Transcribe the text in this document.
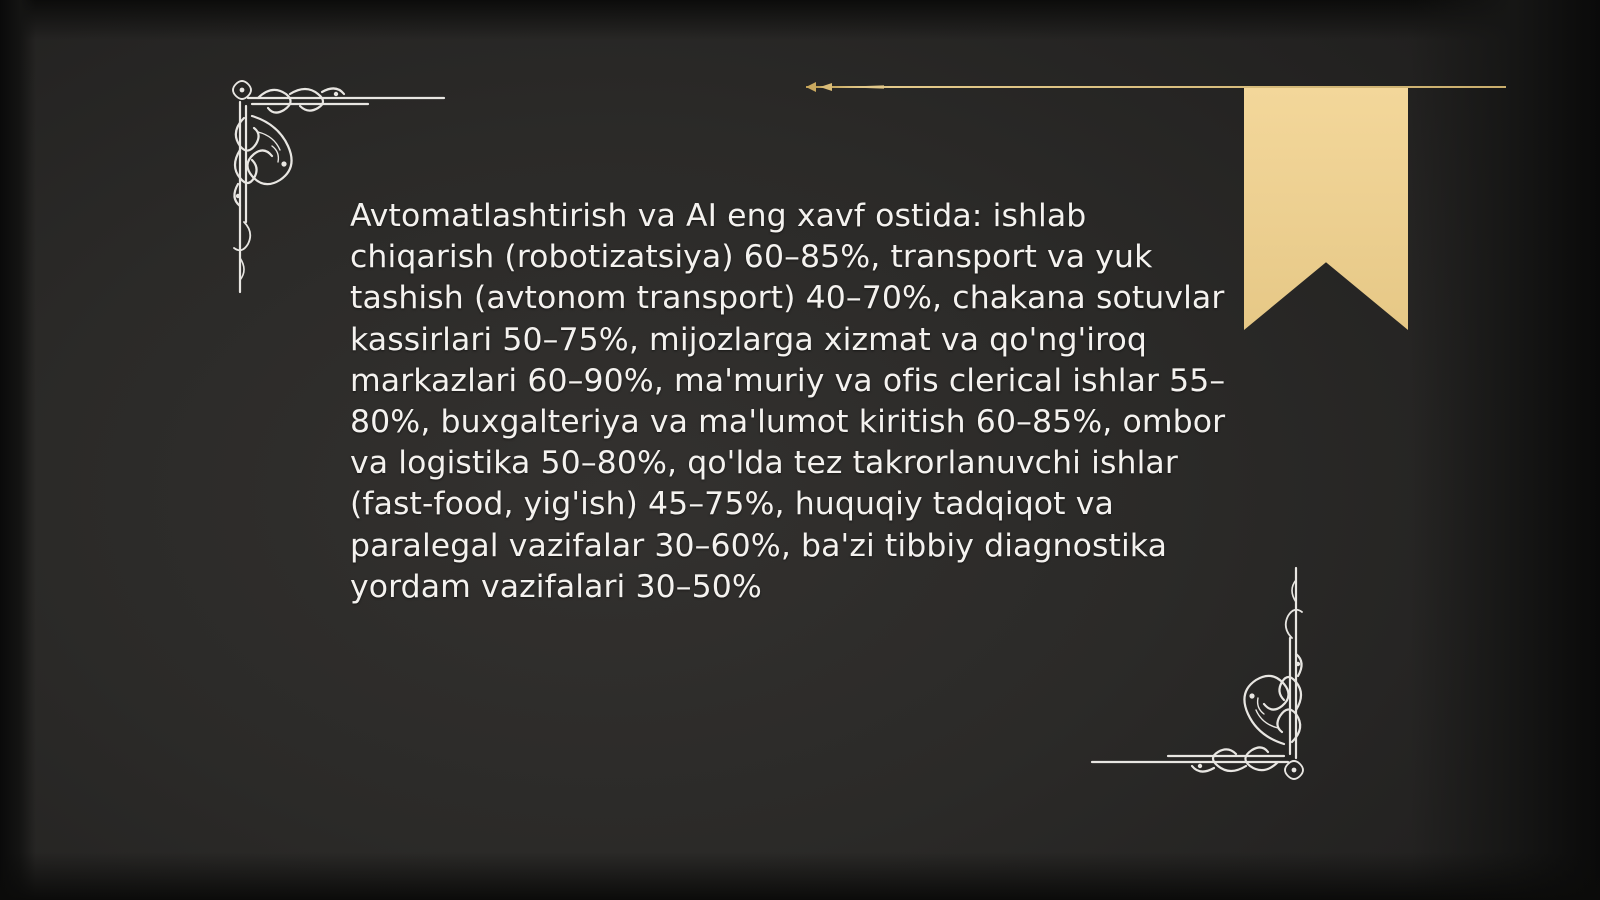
Avtomatlashtirish va AI eng xavf ostida: ishlab chiqarish (robotizatsiya) 60–85%, transport va yuk tashish (avtonom transport) 40–70%, chakana sotuvlar kassirlari 50–75%, mijozlarga xizmat va qo'ng'iroq markazlari 60–90%, ma'muriy va ofis clerical ishlar 55–80%, buxgalteriya va ma'lumot kiritish 60–85%, ombor va logistika 50–80%, qo'lda tez takrorlanuvchi ishlar (fast-food, yig'ish) 45–75%, huquqiy tadqiqot va paralegal vazifalar 30–60%, ba'zi tibbiy diagnostika yordam vazifalari 30–50%
